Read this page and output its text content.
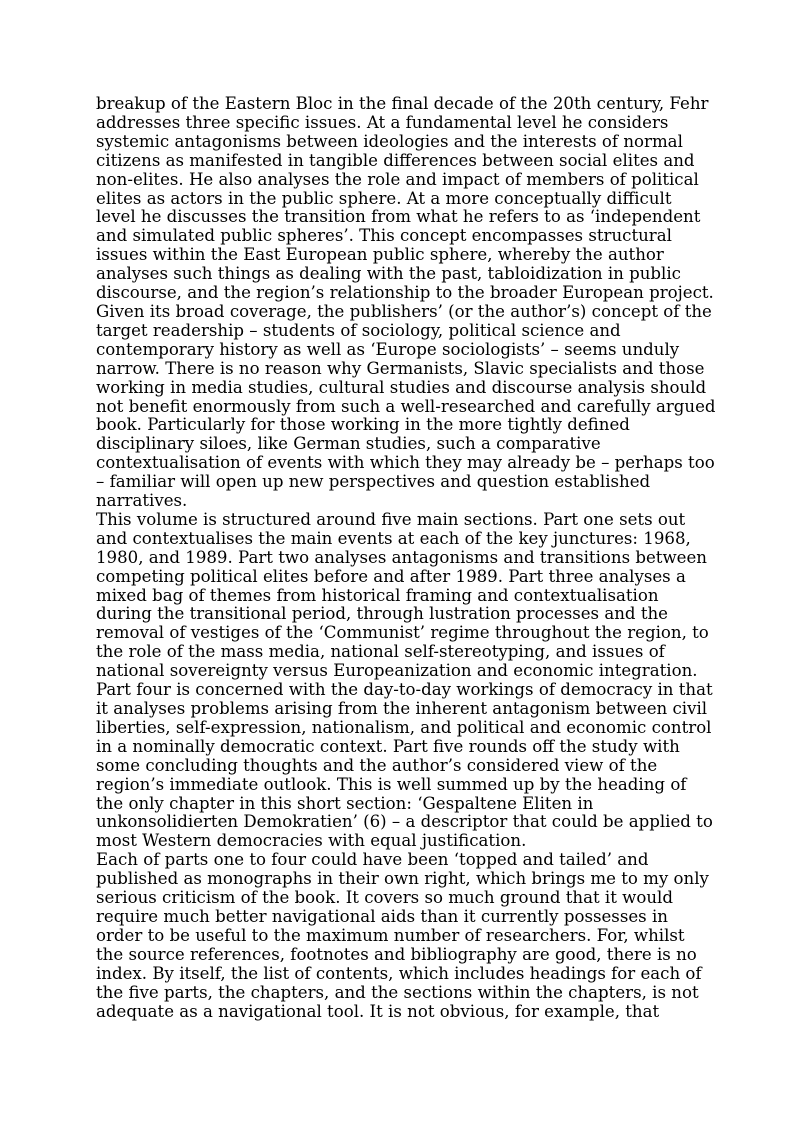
breakup of the Eastern Bloc in the final decade of the 20th century, Fehr addresses three specific issues. At a fundamental level he considers systemic antagonisms between ideologies and the interests of normal citizens as manifested in tangible differences between social elites and non-elites. He also analyses the role and impact of members of political elites as actors in the public sphere. At a more conceptually difficult level he discusses the transition from what he refers to as ‘independent and simulated public spheres’. This concept encompasses structural issues within the East European public sphere, whereby the author analyses such things as dealing with the past, tabloidization in public discourse, and the region’s relationship to the broader European project.

Given its broad coverage, the publishers’ (or the author’s) concept of the target readership – students of sociology, political science and contemporary history as well as ‘Europe sociologists’ – seems unduly narrow. There is no reason why Germanists, Slavic specialists and those working in media studies, cultural studies and discourse analysis should not benefit enormously from such a well-researched and carefully argued book. Particularly for those working in the more tightly defined disciplinary siloes, like German studies, such a comparative contextualisation of events with which they may already be – perhaps too – familiar will open up new perspectives and question established narratives.

This volume is structured around five main sections. Part one sets out and contextualises the main events at each of the key junctures: 1968, 1980, and 1989. Part two analyses antagonisms and transitions between competing political elites before and after 1989. Part three analyses a mixed bag of themes from historical framing and contextualisation during the transitional period, through lustration processes and the removal of vestiges of the ‘Communist’ regime throughout the region, to the role of the mass media, national self-stereotyping, and issues of national sovereignty versus Europeanization and economic integration. Part four is concerned with the day-to-day workings of democracy in that it analyses problems arising from the inherent antagonism between civil liberties, self-expression, nationalism, and political and economic control in a nominally democratic context. Part five rounds off the study with some concluding thoughts and the author’s considered view of the region’s immediate outlook. This is well summed up by the heading of the only chapter in this short section: ‘Gespaltene Eliten in unkonsolidierten Demokratien’ (6) – a descriptor that could be applied to most Western democracies with equal justification.

Each of parts one to four could have been ‘topped and tailed’ and published as monographs in their own right, which brings me to my only serious criticism of the book. It covers so much ground that it would require much better navigational aids than it currently possesses in order to be useful to the maximum number of researchers. For, whilst the source references, footnotes and bibliography are good, there is no index. By itself, the list of contents, which includes headings for each of the five parts, the chapters, and the sections within the chapters, is not adequate as a navigational tool. It is not obvious, for example, that
